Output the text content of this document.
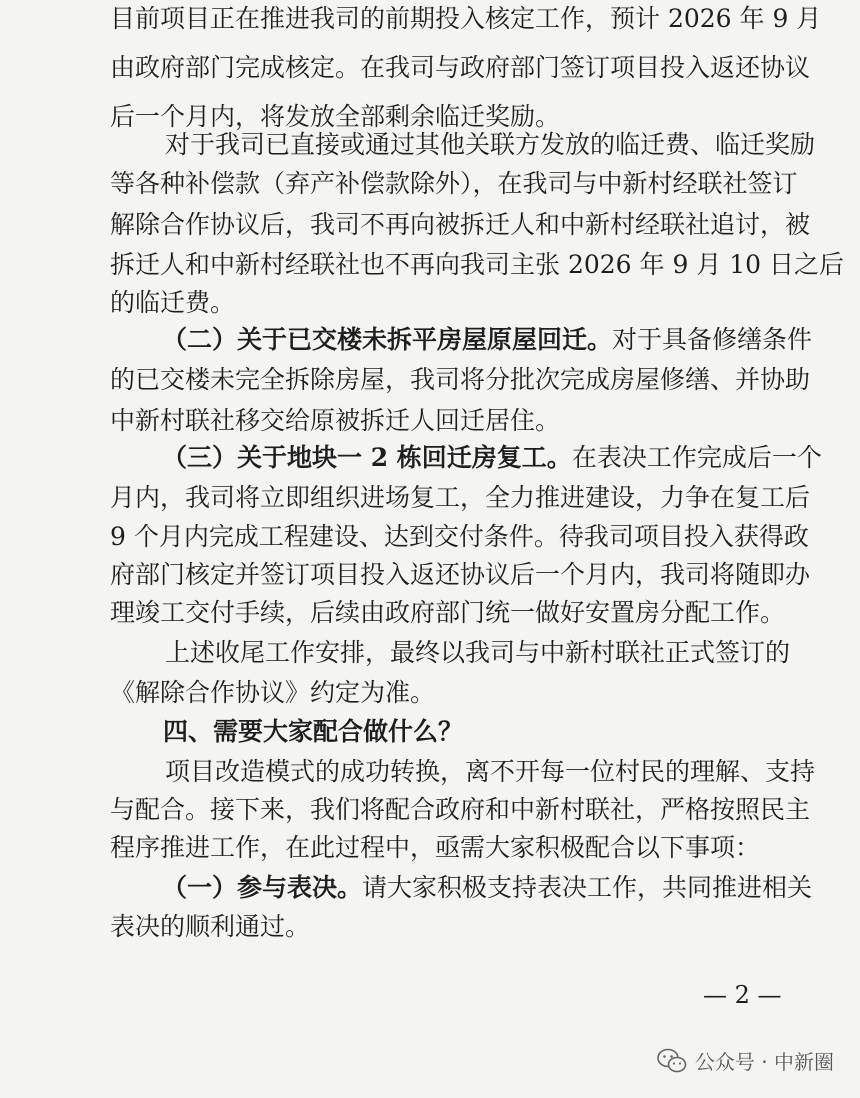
目前项目正在推进我司的前期投入核定工作，预计 2026 年 9 月
由政府部门完成核定。在我司与政府部门签订项目投入返还协议
后一个月内，将发放全部剩余临迁奖励。
对于我司已直接或通过其他关联方发放的临迁费、临迁奖励
等各种补偿款（弃产补偿款除外），在我司与中新村经联社签订
解除合作协议后，我司不再向被拆迁人和中新村经联社追讨，被
拆迁人和中新村经联社也不再向我司主张 2026 年 9 月 10 日之后
的临迁费。
（二）关于已交楼未拆平房屋原屋回迁。对于具备修缮条件
的已交楼未完全拆除房屋，我司将分批次完成房屋修缮、并协助
中新村联社移交给原被拆迁人回迁居住。
（三）关于地块一 2 栋回迁房复工。在表决工作完成后一个
月内，我司将立即组织进场复工，全力推进建设，力争在复工后
9 个月内完成工程建设、达到交付条件。待我司项目投入获得政
府部门核定并签订项目投入返还协议后一个月内，我司将随即办
理竣工交付手续，后续由政府部门统一做好安置房分配工作。
上述收尾工作安排，最终以我司与中新村联社正式签订的
《解除合作协议》约定为准。
四、需要大家配合做什么？
项目改造模式的成功转换，离不开每一位村民的理解、支持
与配合。接下来，我们将配合政府和中新村联社，严格按照民主
程序推进工作，在此过程中，亟需大家积极配合以下事项：
（一）参与表决。请大家积极支持表决工作，共同推进相关
表决的顺利通过。
— 2 —
公众号 · 中新圈
